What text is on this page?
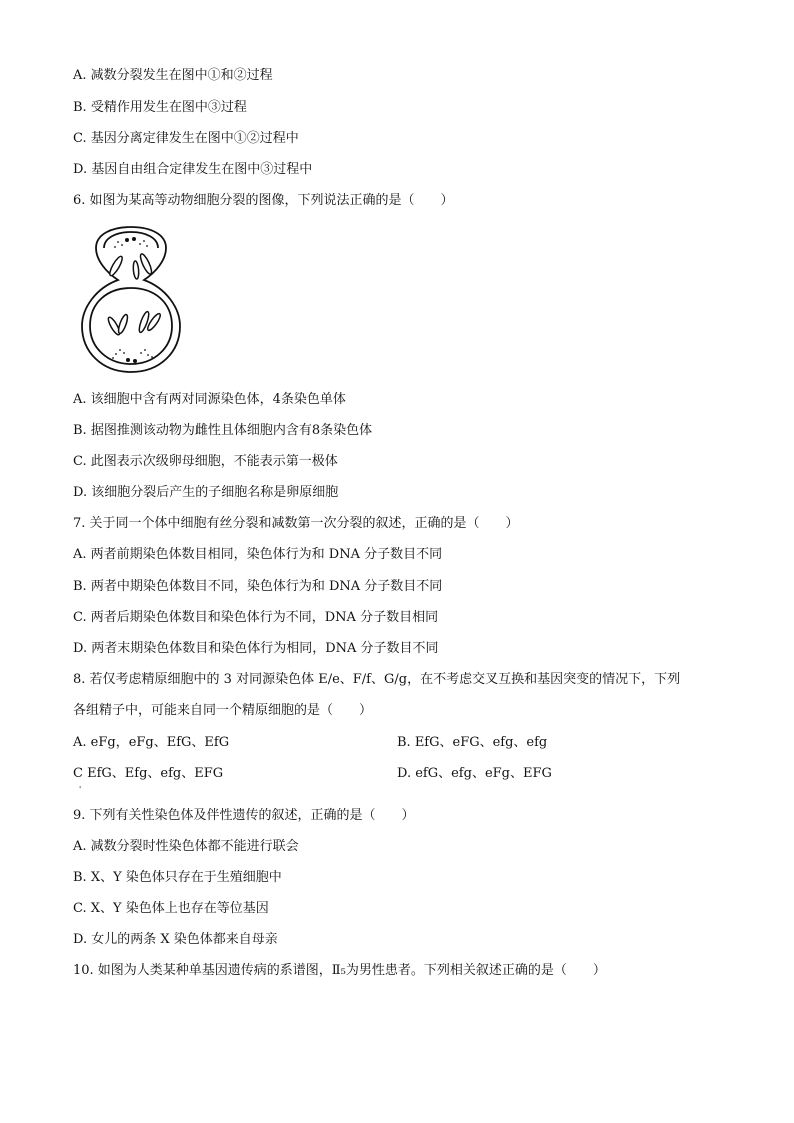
A. 减数分裂发生在图中①和②过程
B. 受精作用发生在图中③过程
C. 基因分离定律发生在图中①②过程中
D. 基因自由组合定律发生在图中③过程中
6. 如图为某高等动物细胞分裂的图像，下列说法正确的是（　　）
A. 该细胞中含有两对同源染色体，4条染色单体
B. 据图推测该动物为雌性且体细胞内含有8条染色体
C. 此图表示次级卵母细胞，不能表示第一极体
D. 该细胞分裂后产生的子细胞名称是卵原细胞
7. 关于同一个体中细胞有丝分裂和减数第一次分裂的叙述，正确的是（　　）
A. 两者前期染色体数目相同，染色体行为和 DNA 分子数目不同
B. 两者中期染色体数目不同，染色体行为和 DNA 分子数目不同
C. 两者后期染色体数目和染色体行为不同，DNA 分子数目相同
D. 两者末期染色体数目和染色体行为相同，DNA 分子数目不同
8. 若仅考虑精原细胞中的 3 对同源染色体 E/e、F/f、G/g，在不考虑交叉互换和基因突变的情况下，下列
各组精子中，可能来自同一个精原细胞的是（　　）
A. eFg，eFg、EfG、EfG	B. EfG、eFG、efg、efg
C EfG、Efg、efg、EFG	D. efG、efg、eFg、EFG
'
9. 下列有关性染色体及伴性遗传的叙述，正确的是（　　）
A. 减数分裂时性染色体都不能进行联会
B. X、Y 染色体只存在于生殖细胞中
C. X、Y 染色体上也存在等位基因
D. 女儿的两条 X 染色体都来自母亲
10. 如图为人类某种单基因遗传病的系谱图，Ⅱ₅为男性患者。下列相关叙述正确的是（　　）
